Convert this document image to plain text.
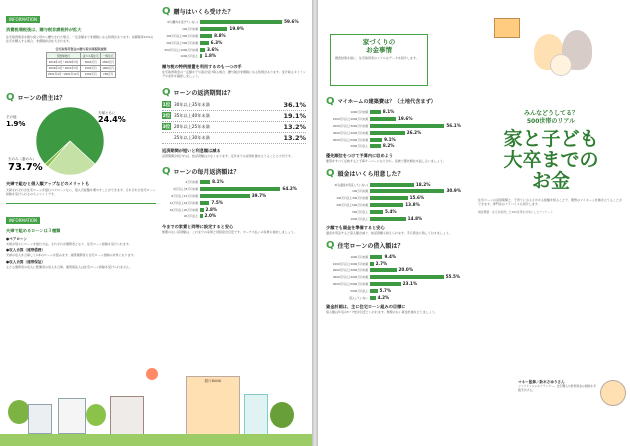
INFORMATION
消費税増税後は、贈与税非課税枠が拡大
住宅取得資金を親や祖父母から贈与された場合、一定金額まで非課税になる特例があります。消費税率10%の住宅を購入する場合、非課税枠が拡大されます。
住宅取得等資金の贈与税非課税限度額
契約締結日	省エネ等住宅	一般住宅
2019年4月〜2020年3月	3000万円	2500万円
2020年4月〜2021年3月	1500万円	1000万円
2021年4月〜2021年12月	1200万円	700万円
Q ローンの借主は？
夫婦ともに
24.4%
その他
1.9%
夫のみ（妻のみ）
73.7%
夫婦で組むと借入額アップなどのメリットも
夫婦それぞれが住宅ローンを組むペアローンなら、借入可能額を増やすことができます。それぞれが住宅ローン控除を受けられるのもメリットです。
INFORMATION
夫婦で組めるローンは３種類
●ペアローン
夫婦が別々にローンを組む方法。それぞれが債務者となり、住宅ローン控除を受けられます。
●収入合算（連帯債務）
夫婦の収入を合算して1本のローンを組みます。連帯債務者も住宅ローン控除の対象になります。
●収入合算（連帯保証）
主たる債務者の収入に配偶者の収入を合算。連帯保証人は住宅ローン控除を受けられません。
Q 贈与はいくら受けた？
0円(贈与を受けていない)	59.6%
100万円未満	19.9%
100万円以上300万円未満	8.8%
300万円以上500万円未満	6.3%
500万円以上1000万円未満	3.6%
1000万円以上	1.8%
贈与税の特例措置を利用するのも一つの手
住宅取得資金の一定額を子や孫が受け取る場合、贈与税が非課税になる特例があります。受け取るタイミングや条件を確認しましょう。
Q ローンの返済期間は？
1位 30年以上35年未満	36.1%
2位 35年以上40年未満	19.1%
3位 20年以上25年未満	13.2%
25年以上30年未満	13.2%
返済期間が短いと利息額は減る
返済期間が短ければ、総返済額は少なくなります。定年までの返済計画を立てることも大切です。
Q ローンの毎月返済額は？
4万円未満	8.1%
4万円以上8万円未満	64.2%
8万円以上12万円未満	39.7%
12万円以上16万円未満	7.5%
16万円以上20万円未満	2.8%
20万円以上	2.0%
今までの家賃と同等に設定すると安心
無理のない返済額は、これまでの家賃と同程度が目安です。ボーナス払いの有無も検討しましょう。
銀行BANK
家づくりの
お金事情
調査結果を基に、住宅取得者のリアルなデータを紹介します。
みんなどうしてる？
500世帯のリアル
家と子ども
大卒までの
お金
住宅ローンの返済期間と、子育てにおよそかかる総額を知ることで、理想のマイホーム計画を立てることができます。専門家のアドバイスも紹介します。
調査概要：住宅を取得した500世帯を対象にしたアンケート
Q マイホームの建築費は？（土地代含まず）
1000万円未満	8.1%
1000万円以上2000万円未満	19.6%
2000万円以上3000万円未満	56.1%
3000万円以上4000万円未満	26.2%
4000万円以上5000万円未満	9.1%
5000万円以上	8.2%
優先順位をつけて予算内に収めよう
要望をすべて反映すると予算オーバーになりがち。家族で優先順位を話し合いましょう。
Q 頭金はいくら用意した？
0円(頭金を用意していない)	18.2%
100万円未満	30.9%
100万円以上300万円未満	15.6%
300万円以上500万円未満	13.8%
500万円以上	5.4%
1000万円以上	14.8%
少額でも頭金を準備すると安心
頭金を用意すると借入額が減り、総返済額も抑えられます。手元資金も残しておきましょう。
Q 住宅ローンの借入額は？
1000万円未満	9.4%
1000万円以上2000万円未満	2.7%
2000万円以上3000万円未満	20.0%
3000万円以上4000万円未満	55.5%
4000万円以上5000万円未満	23.1%
5000万円以上	5.7%
借入していない	4.2%
資金計画は、主に住宅ローン組みの目標に
借入額は年収の5〜7倍が目安といわれます。無理のない資金計画を立てましょう。
マネー監修／鈴木さゆりさん
ファイナンシャルプランナー。住宅購入や教育資金の相談を多数手がける。
